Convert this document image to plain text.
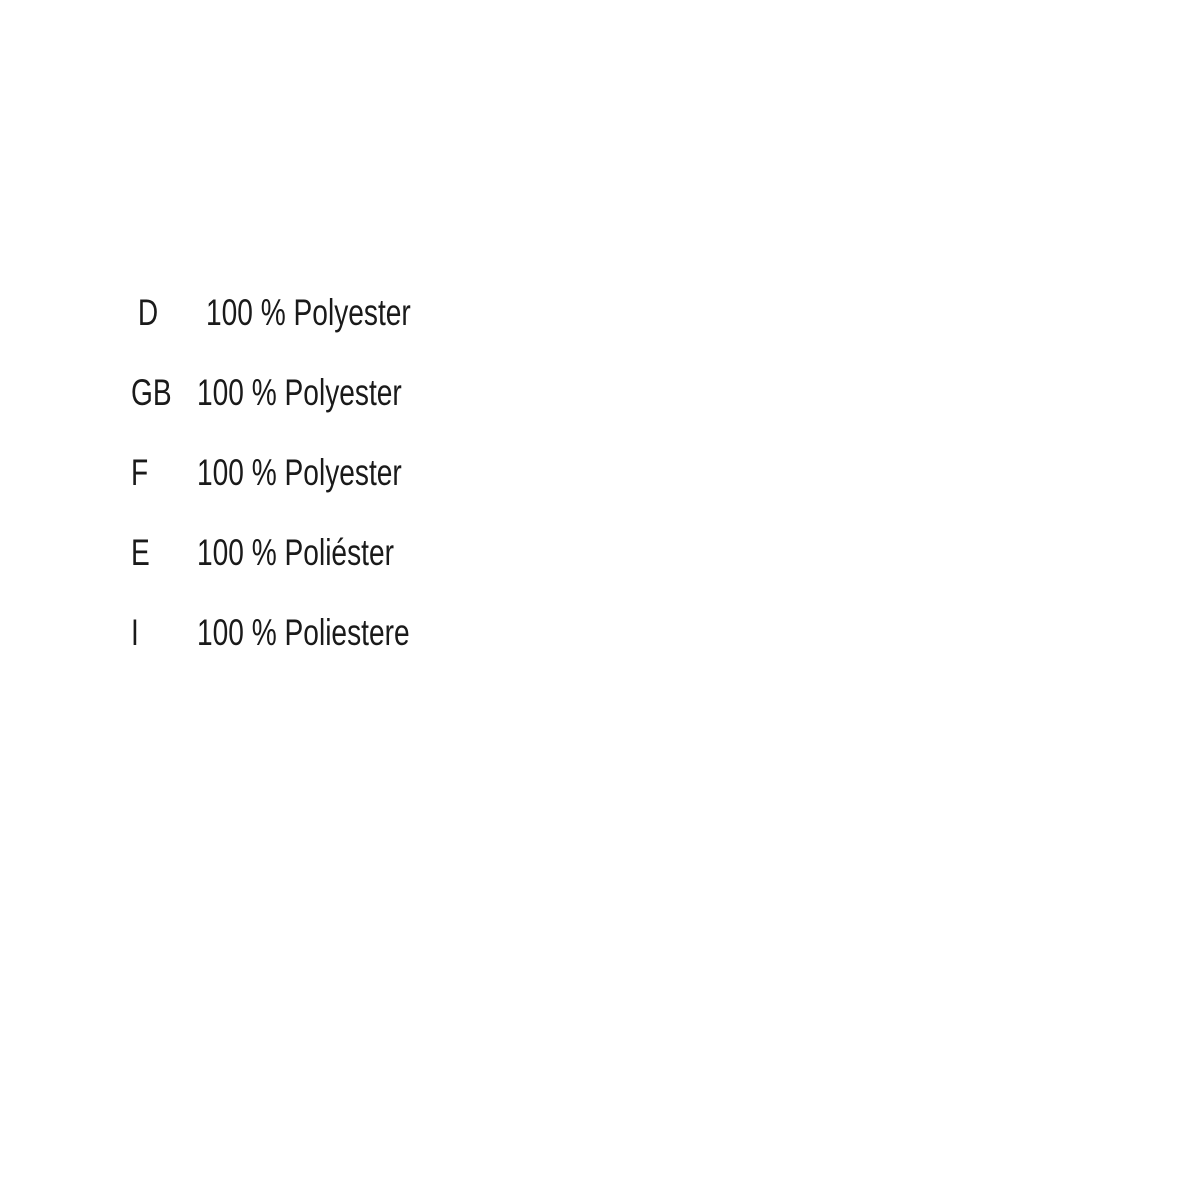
D	100 % Polyester
GB 100 % Polyester
F	100 % Polyester
E	100 % Poliéster
I	100 % Poliestere
